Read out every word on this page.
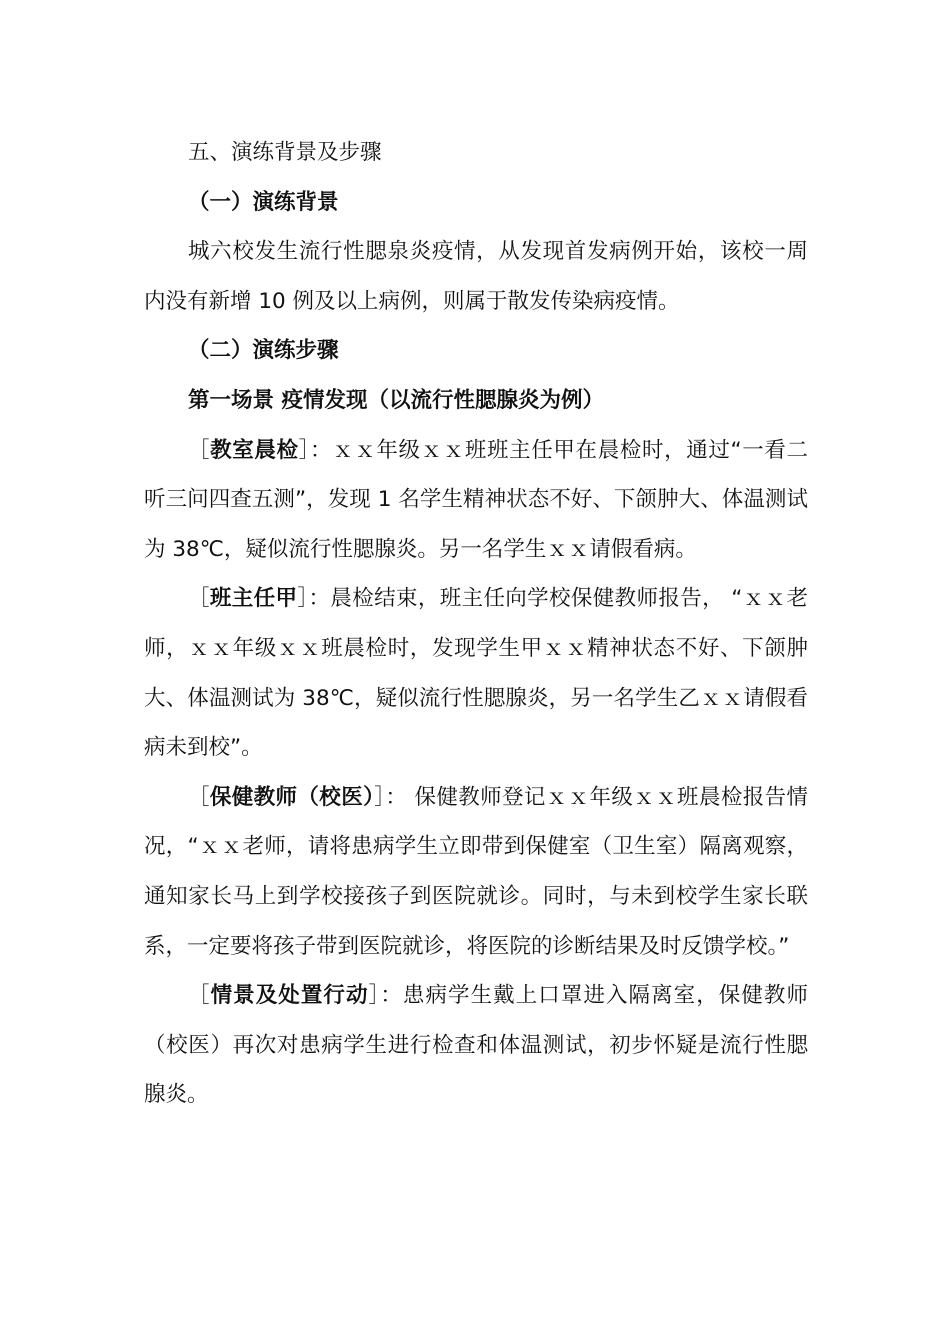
五、演练背景及步骤

（一）演练背景

城六校发生流行性腮泉炎疫情，从发现首发病例开始，该校一周内没有新增 10 例及以上病例，则属于散发传染病疫情。

（二）演练步骤

第一场景 疫情发现（以流行性腮腺炎为例）

［教室晨检］：ｘｘ年级ｘｘ班班主任甲在晨检时，通过“一看二听三问四查五测”，发现 1 名学生精神状态不好、下颌肿大、体温测试为 38℃，疑似流行性腮腺炎。另一名学生ｘｘ请假看病。

［班主任甲］：晨检结束，班主任向学校保健教师报告， “ｘｘ老师，ｘｘ年级ｘｘ班晨检时，发现学生甲ｘｘ精神状态不好、下颌肿大、体温测试为 38℃，疑似流行性腮腺炎，另一名学生乙ｘｘ请假看病未到校”。

［保健教师（校医）］： 保健教师登记ｘｘ年级ｘｘ班晨检报告情况，“ｘｘ老师，请将患病学生立即带到保健室（卫生室）隔离观察，通知家长马上到学校接孩子到医院就诊。同时，与未到校学生家长联系，一定要将孩子带到医院就诊，将医院的诊断结果及时反馈学校。”

［情景及处置行动］：患病学生戴上口罩进入隔离室，保健教师（校医）再次对患病学生进行检查和体温测试，初步怀疑是流行性腮腺炎。
